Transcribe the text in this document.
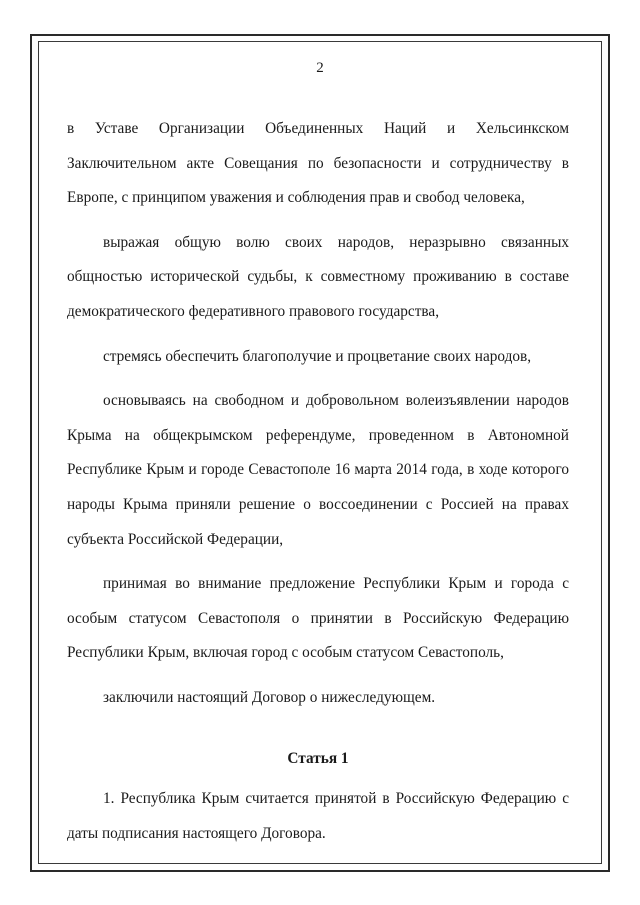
2

в Уставе Организации Объединенных Наций и Хельсинкском Заключительном акте Совещания по безопасности и сотрудничеству в Европе, с принципом уважения и соблюдения прав и свобод человека,

выражая общую волю своих народов, неразрывно связанных общностью исторической судьбы, к совместному проживанию в составе демократического федеративного правового государства,

стремясь обеспечить благополучие и процветание своих народов,

основываясь на свободном и добровольном волеизъявлении народов Крыма на общекрымском референдуме, проведенном в Автономной Республике Крым и городе Севастополе 16 марта 2014 года, в ходе которого народы Крыма приняли решение о воссоединении с Россией на правах субъекта Российской Федерации,

принимая во внимание предложение Республики Крым и города с особым статусом Севастополя о принятии в Российскую Федерацию Республики Крым, включая город с особым статусом Севастополь,

заключили настоящий Договор о нижеследующем.

Статья 1

1. Республика Крым считается принятой в Российскую Федерацию с даты подписания настоящего Договора.
